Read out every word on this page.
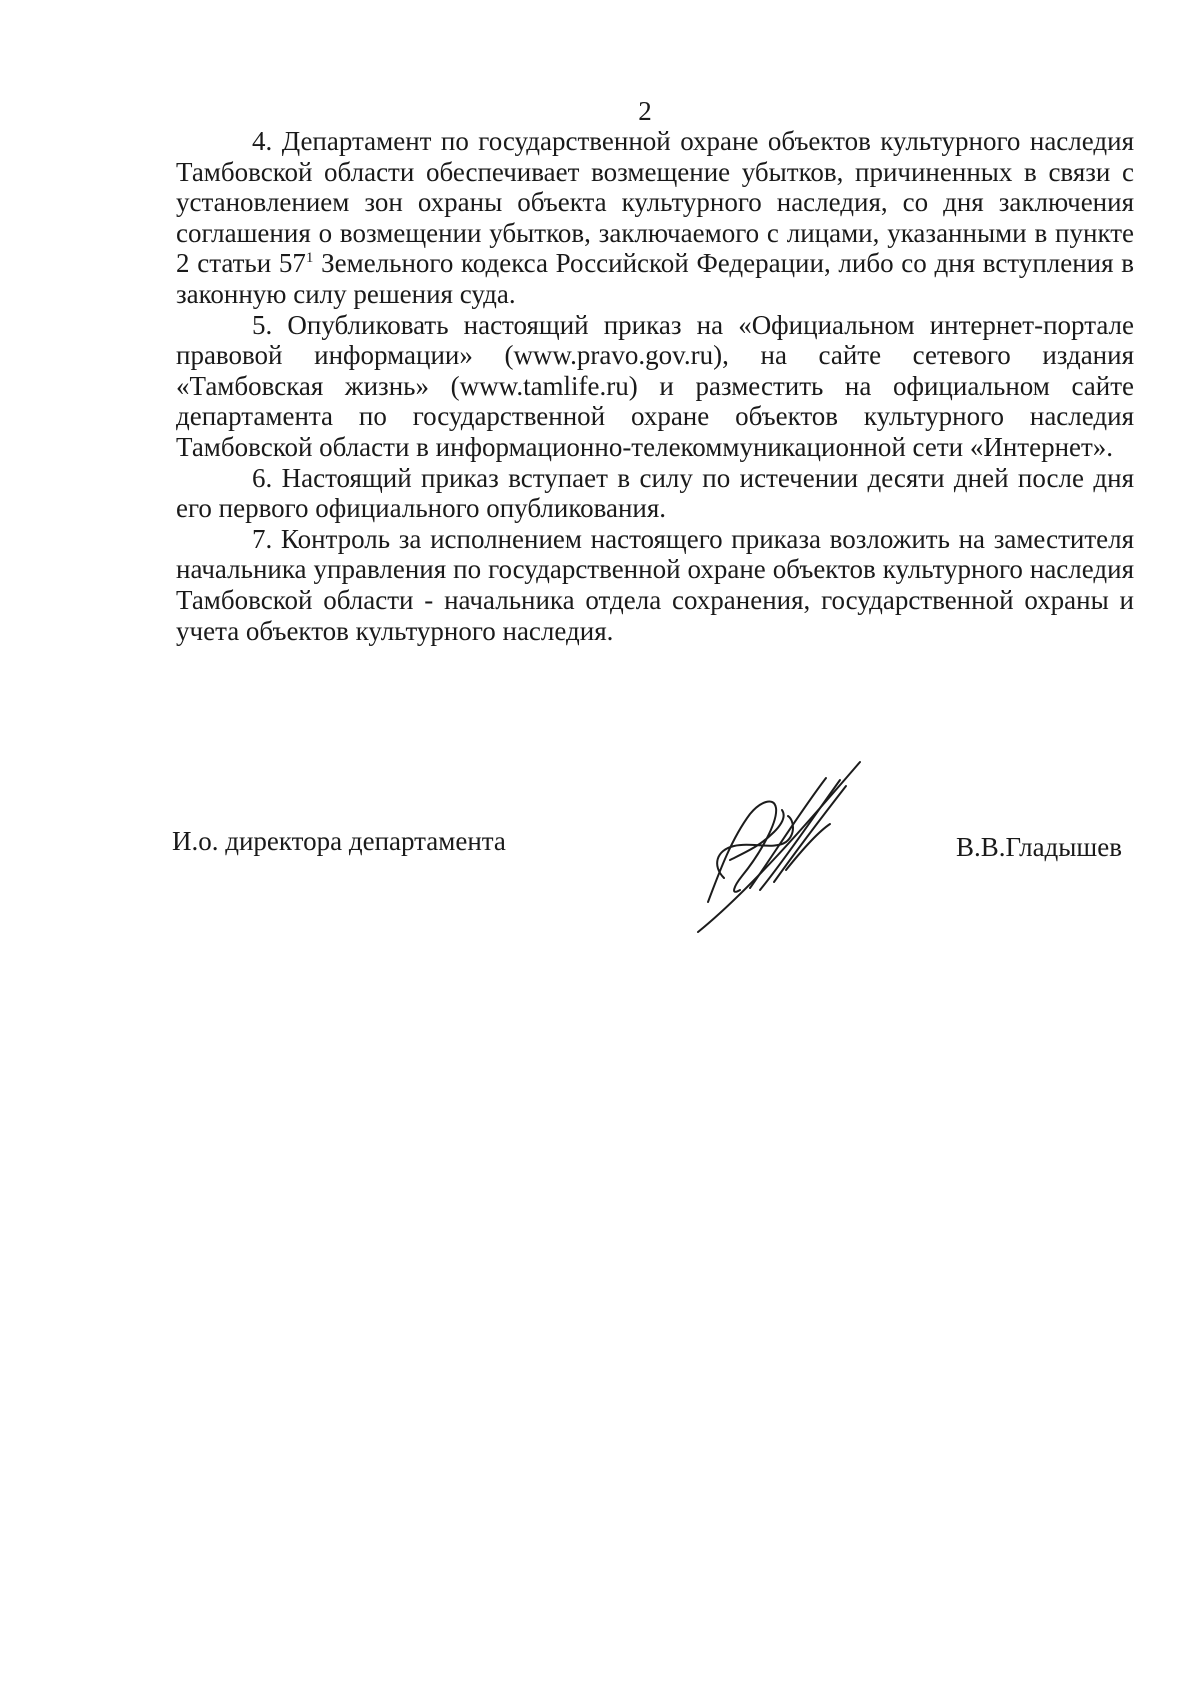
2

4. Департамент по государственной охране объектов культурного наследия Тамбовской области обеспечивает возмещение убытков, причиненных в связи с установлением зон охраны объекта культурного наследия, со дня заключения соглашения о возмещении убытков, заключаемого с лицами, указанными в пункте 2 статьи $57^1$ Земельного кодекса Российской Федерации, либо со дня вступления в законную силу решения суда.

5. Опубликовать настоящий приказ на «Официальном интернет-портале правовой информации» (www.pravo.gov.ru), на сайте сетевого издания «Тамбовская жизнь» (www.tamlife.ru) и разместить на официальном сайте департамента по государственной охране объектов культурного наследия Тамбовской области в информационно-телекоммуникационной сети «Интернет».

6. Настоящий приказ вступает в силу по истечении десяти дней после дня его первого официального опубликования.

7. Контроль за исполнением настоящего приказа возложить на заместителя начальника управления по государственной охране объектов культурного наследия Тамбовской области - начальника отдела сохранения, государственной охраны и учета объектов культурного наследия.

И.о. директора департамента	В.В.Гладышев
